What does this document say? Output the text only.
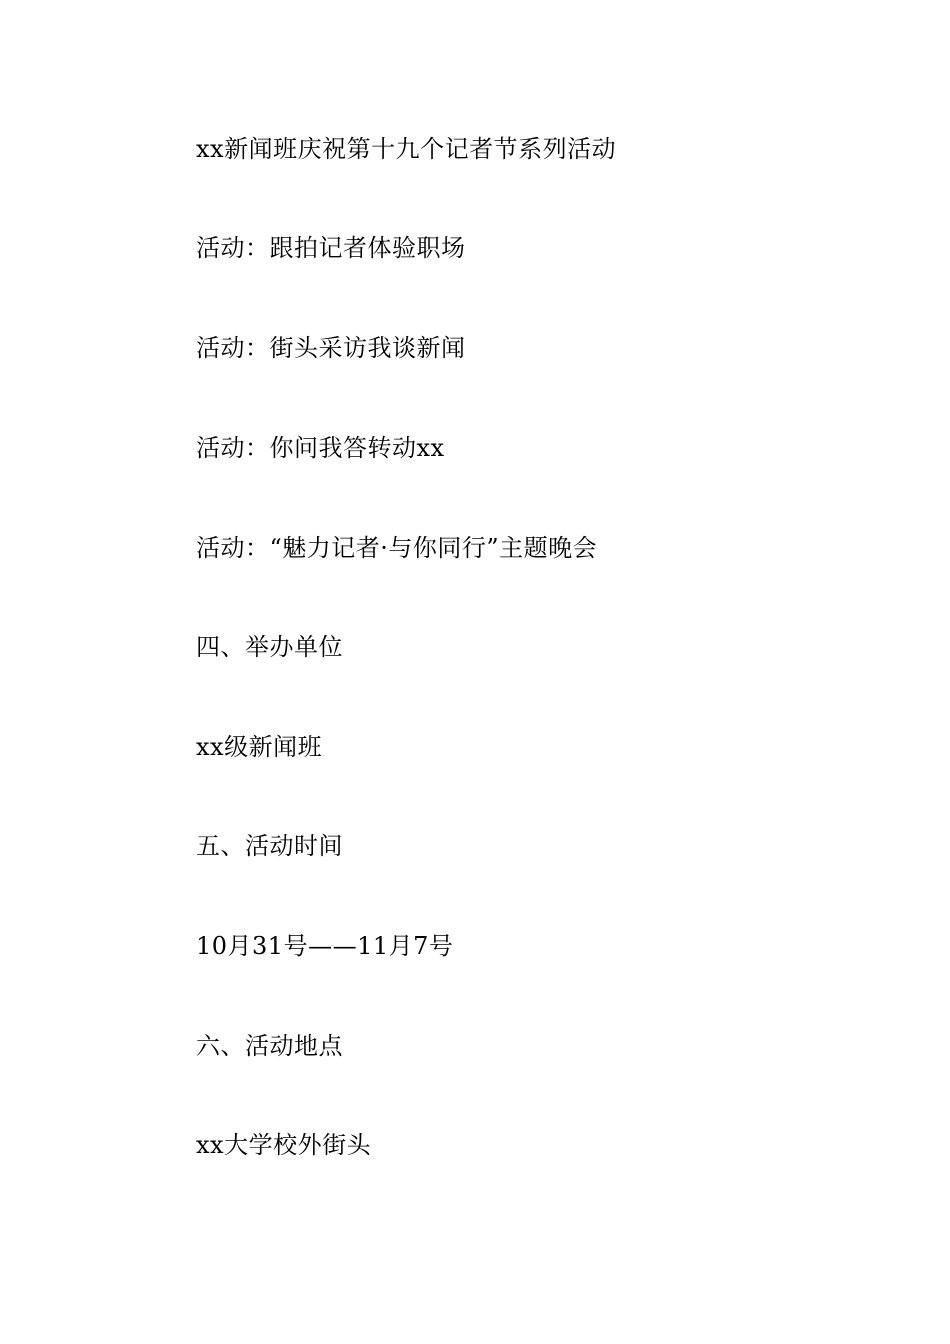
xx新闻班庆祝第十九个记者节系列活动
活动：跟拍记者体验职场
活动：街头采访我谈新闻
活动：你问我答转动xx
活动：“魅力记者·与你同行”主题晚会
四、举办单位
xx级新闻班
五、活动时间
10月31号——11月7号
六、活动地点
xx大学校外街头
